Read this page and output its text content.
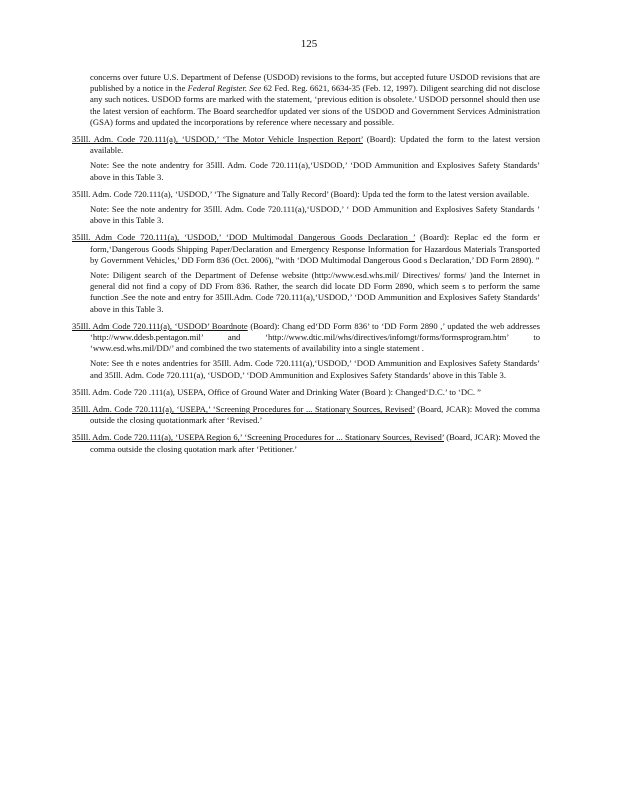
125

concerns over future U.S. Department of Defense (USDOD) revisions to the forms, but accepted future USDOD revisions that are published by a notice in the Federal Register. See 62 Fed. Reg. 6621, 6634-35 (Feb. 12, 1997). Diligent searching did not disclose any such notices. USDOD forms are marked with the statement, ‘previous edition is obsolete.’ USDOD personnel should then use the latest version of eachform. The Board searchedfor updated ver sions of the USDOD and Government Services Administration (GSA) forms and updated the incorporations by reference where necessary and possible.

35Ill. Adm. Code 720.111(a), ‘USDOD,’ ‘The Motor Vehicle Inspection Report’ (Board): Updated the form to the latest version available.

Note: See the note andentry for 35Ill. Adm. Code 720.111(a),‘USDOD,’ ‘DOD Ammunition and Explosives Safety Standards’ above in this Table 3.

35Ill. Adm. Code 720.111(a), ‘USDOD,’ ‘The Signature and Tally Record’ (Board): Upda ted the form to the latest version available.

Note: See the note andentry for 35Ill. Adm. Code 720.111(a),‘USDOD,’ ‘ DOD Ammunition and Explosives Safety Standards ’ above in this Table 3.

35Ill. Adm Code 720.111(a), ‘USDOD,’ ‘DOD Multimodal Dangerous Goods Declaration ’ (Board): Replac ed the form er form,‘Dangerous Goods Shipping Paper/Declaration and Emergency Response Information for Hazardous Materials Transported by Government Vehicles,’ DD Form 836 (Oct. 2006), ”with ‘DOD Multimodal Dangerous Good s Declaration,’ DD Form 2890). ”

Note: Diligent search of the Department of Defense website (http://www.esd.whs.mil/ Directives/ forms/ )and the Internet in general did not find a copy of DD From 836. Rather, the search did locate DD Form 2890, which seem s to perform the same function .See the note and entry for 35Ill.Adm. Code 720.111(a),‘USDOD,’ ‘DOD Ammunition and Explosives Safety Standards’ above in this Table 3.

35Ill. Adm Code 720.111(a), ‘USDOD’ Boardnote (Board): Chang ed‘DD Form 836’ to ‘DD Form 2890 ,’ updated the web addresses ‘http://www.ddesb.pentagon.mil’ and ‘http://www.dtic.mil/whs/directives/infomgt/forms/formsprogram.htm’ to ‘www.esd.whs.mil/DD/’ and combined the two statements of availability into a single statement .

Note: See th e notes andentries for 35Ill. Adm. Code 720.111(a),‘USDOD,’ ‘DOD Ammunition and Explosives Safety Standards’ and 35Ill. Adm. Code 720.111(a), ‘USDOD,’ ‘DOD Ammunition and Explosives Safety Standards’ above in this Table 3.

35Ill. Adm. Code 720 .111(a), USEPA, Office of Ground Water and Drinking Water (Board ): Changed‘D.C.’ to ‘DC. ”

35Ill. Adm. Code 720.111(a), ‘USEPA,’ ‘Screening Procedures for ... Stationary Sources, Revised’ (Board, JCAR): Moved the comma outside the closing quotationmark after ‘Revised.’

35Ill. Adm. Code 720.111(a), ‘USEPA Region 6,’ ‘Screening Procedures for ... Stationary Sources, Revised’ (Board, JCAR): Moved the comma outside the closing quotation mark after ‘Petitioner.’
